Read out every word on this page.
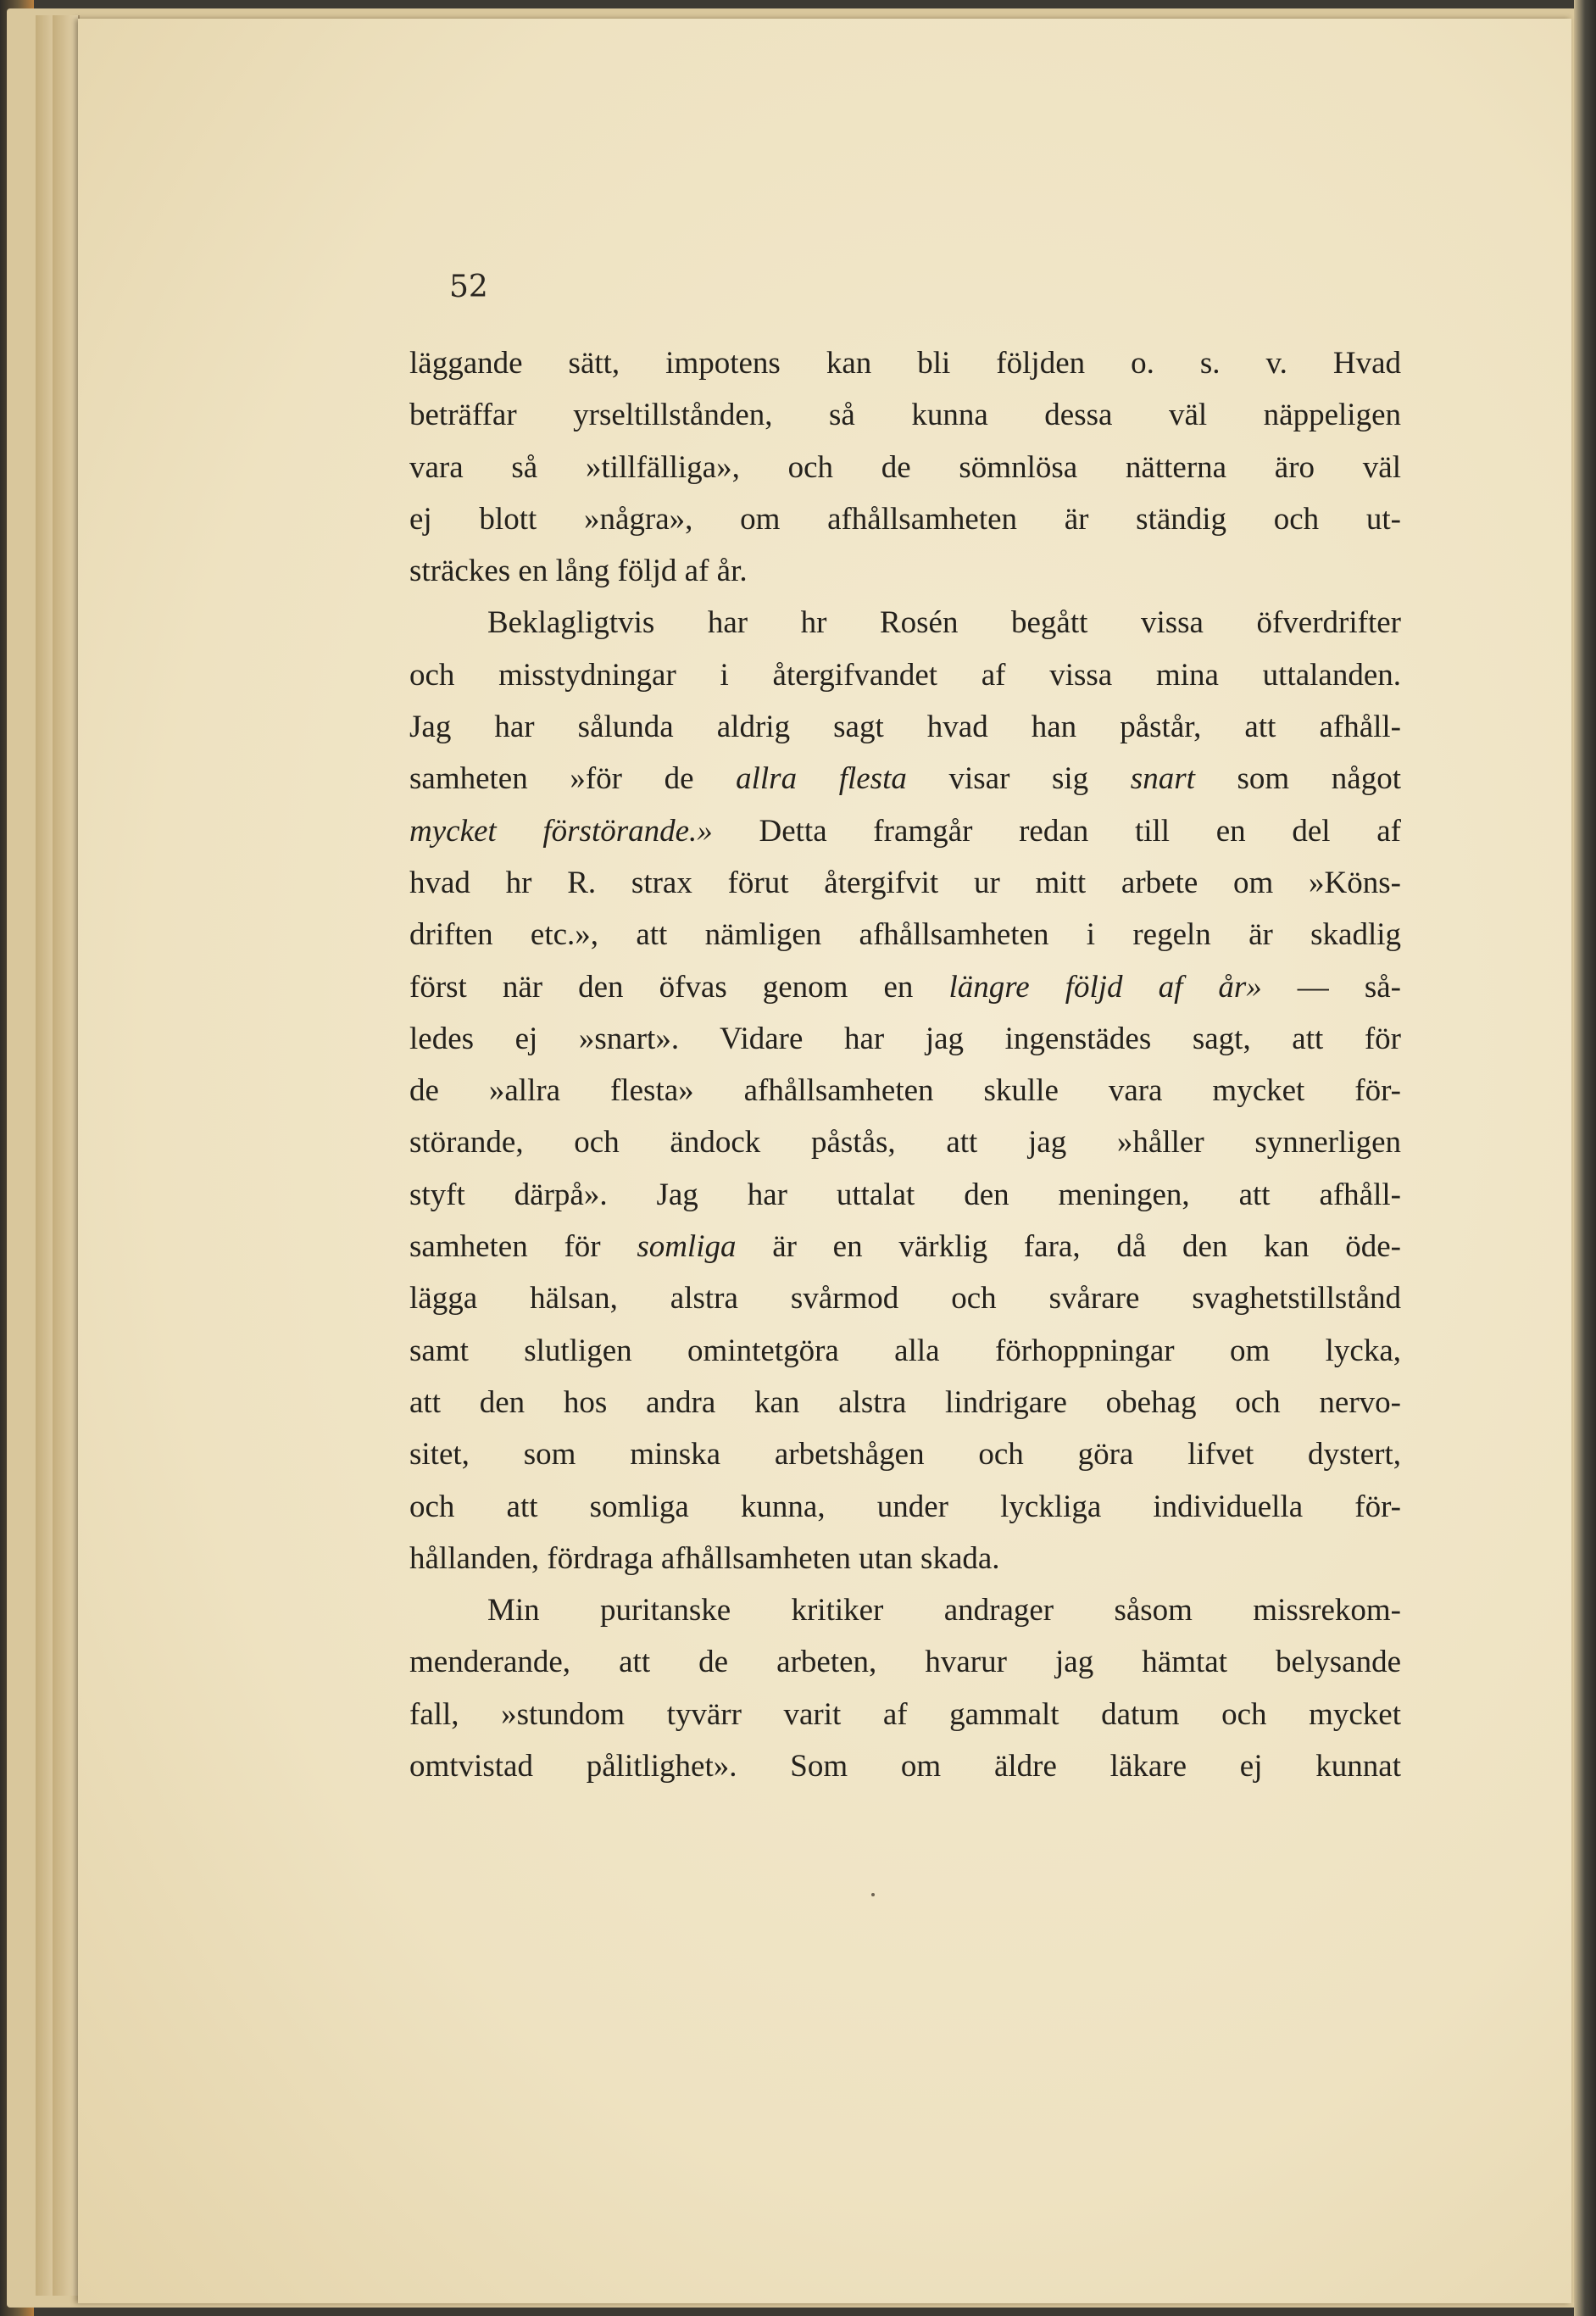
52
läggande sätt, impotens kan bli följden o. s. v. Hvad
beträffar yrseltillstånden, så kunna dessa väl näppeligen
vara så »tillfälliga», och de sömnlösa nätterna äro väl
ej blott »några», om afhållsamheten är ständig och ut-
sträckes en lång följd af år.
Beklagligtvis har hr Rosén begått vissa öfverdrifter
och misstydningar i återgifvandet af vissa mina uttalanden.
Jag har sålunda aldrig sagt hvad han påstår, att afhåll-
samheten »för de allra flesta visar sig snart som något
mycket förstörande.» Detta framgår redan till en del af
hvad hr R. strax förut återgifvit ur mitt arbete om »Köns-
driften etc.», att nämligen afhållsamheten i regeln är skadlig
först när den öfvas genom en längre följd af år» — så-
ledes ej »snart». Vidare har jag ingenstädes sagt, att för
de »allra flesta» afhållsamheten skulle vara mycket för-
störande, och ändock påstås, att jag »håller synnerligen
styft därpå». Jag har uttalat den meningen, att afhåll-
samheten för somliga är en värklig fara, då den kan öde-
lägga hälsan, alstra svårmod och svårare svaghetstillstånd
samt slutligen omintetgöra alla förhoppningar om lycka,
att den hos andra kan alstra lindrigare obehag och nervo-
sitet, som minska arbetshågen och göra lifvet dystert,
och att somliga kunna, under lyckliga individuella för-
hållanden, fördraga afhållsamheten utan skada.
Min puritanske kritiker andrager såsom missrekom-
menderande, att de arbeten, hvarur jag hämtat belysande
fall, »stundom tyvärr varit af gammalt datum och mycket
omtvistad pålitlighet». Som om äldre läkare ej kunnat
